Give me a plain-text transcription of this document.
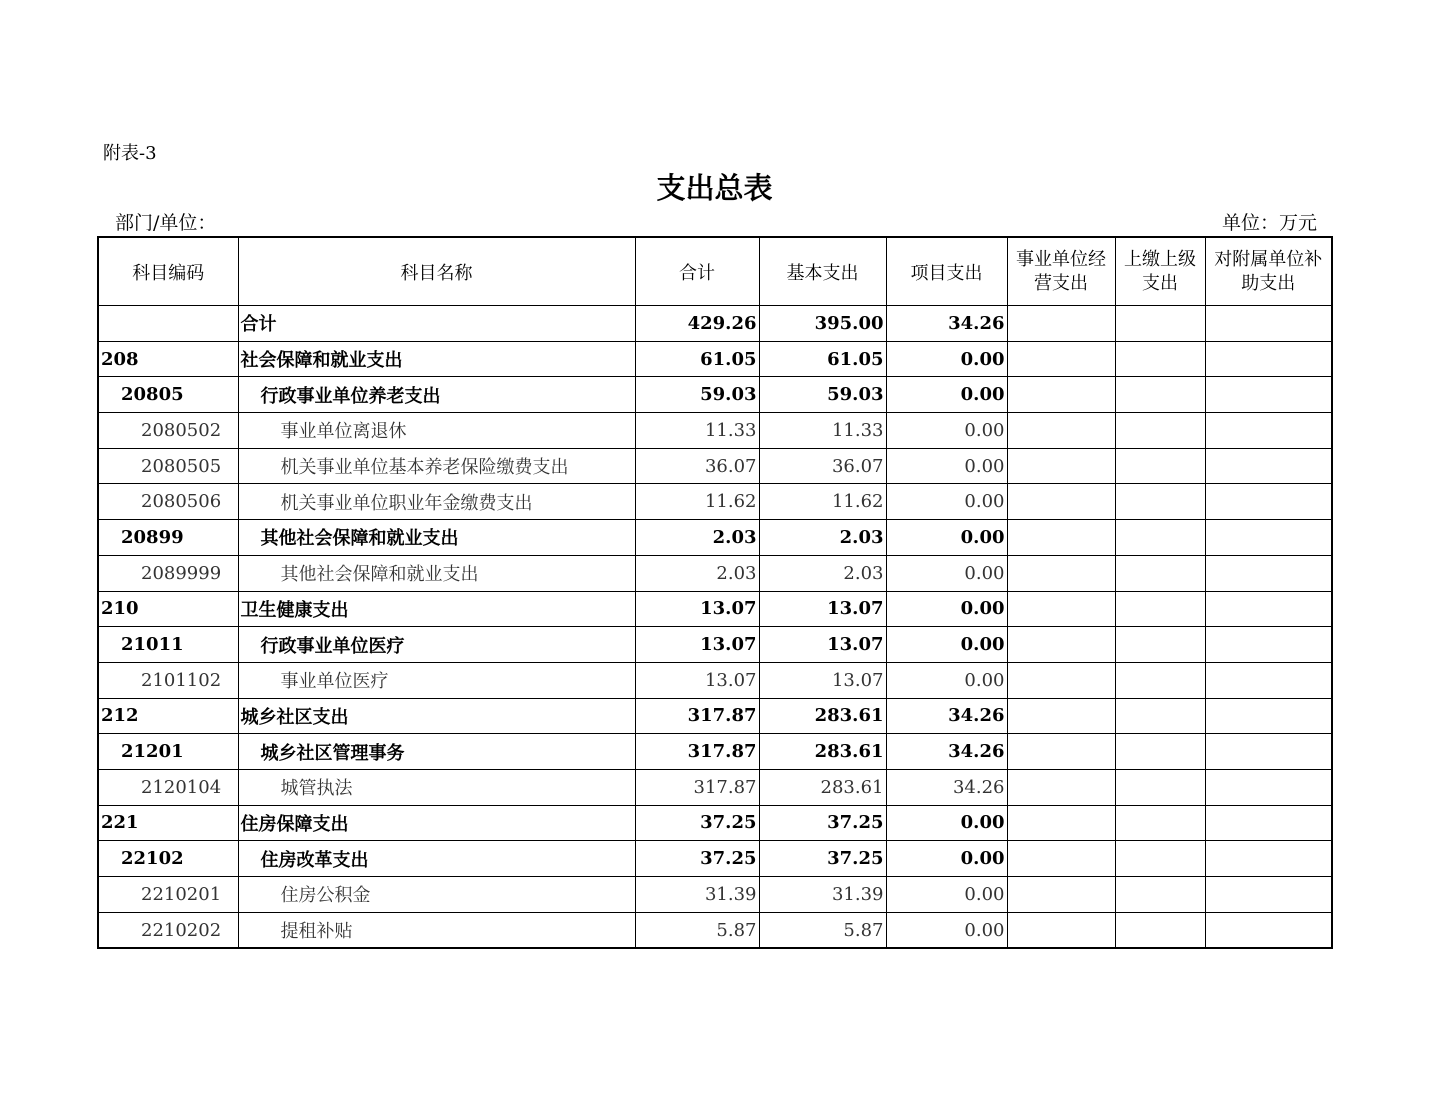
附表-3
支出总表
部门/单位：	单位：万元
科目编码	科目名称	合计	基本支出	项目支出	事业单位经营支出	上缴上级支出	对附属单位补助支出
	合计	429.26	395.00	34.26			
208	社会保障和就业支出	61.05	61.05	0.00			
20805	行政事业单位养老支出	59.03	59.03	0.00			
2080502	事业单位离退休	11.33	11.33	0.00			
2080505	机关事业单位基本养老保险缴费支出	36.07	36.07	0.00			
2080506	机关事业单位职业年金缴费支出	11.62	11.62	0.00			
20899	其他社会保障和就业支出	2.03	2.03	0.00			
2089999	其他社会保障和就业支出	2.03	2.03	0.00			
210	卫生健康支出	13.07	13.07	0.00			
21011	行政事业单位医疗	13.07	13.07	0.00			
2101102	事业单位医疗	13.07	13.07	0.00			
212	城乡社区支出	317.87	283.61	34.26			
21201	城乡社区管理事务	317.87	283.61	34.26			
2120104	城管执法	317.87	283.61	34.26			
221	住房保障支出	37.25	37.25	0.00			
22102	住房改革支出	37.25	37.25	0.00			
2210201	住房公积金	31.39	31.39	0.00			
2210202	提租补贴	5.87	5.87	0.00			
